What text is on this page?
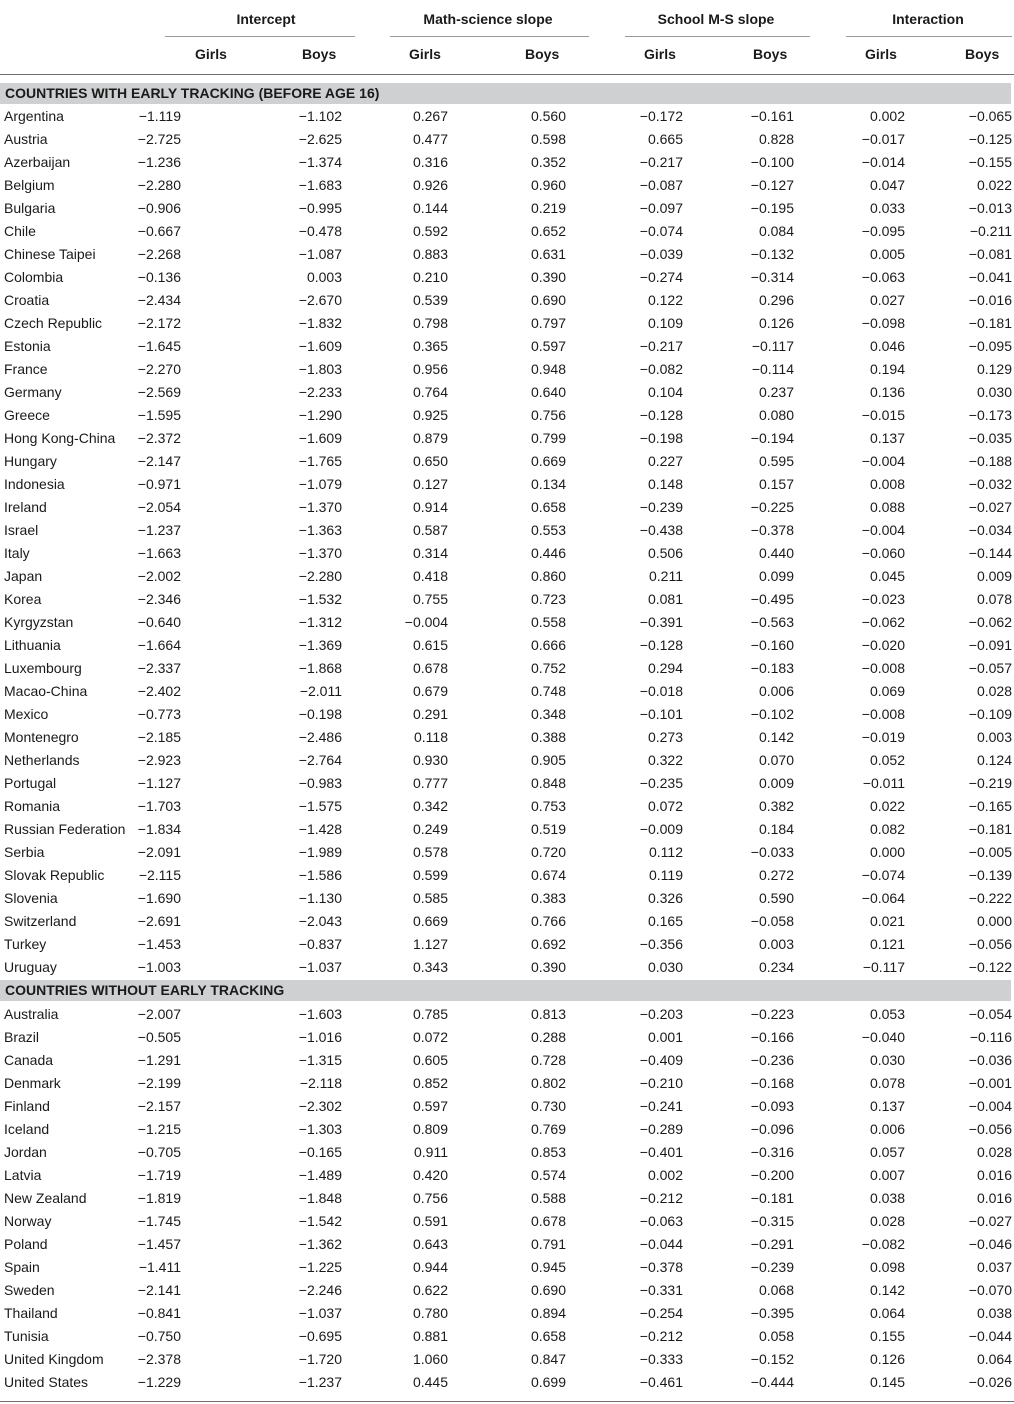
Intercept	Math-science slope	School M-S slope	Interaction
Girls	Boys	Girls	Boys	Girls	Boys	Girls	Boys
COUNTRIES WITH EARLY TRACKING (BEFORE AGE 16)
Argentina	−1.119	−1.102	0.267	0.560	−0.172	−0.161	0.002	−0.065
Austria	−2.725	−2.625	0.477	0.598	0.665	0.828	−0.017	−0.125
Azerbaijan	−1.236	−1.374	0.316	0.352	−0.217	−0.100	−0.014	−0.155
Belgium	−2.280	−1.683	0.926	0.960	−0.087	−0.127	0.047	0.022
Bulgaria	−0.906	−0.995	0.144	0.219	−0.097	−0.195	0.033	−0.013
Chile	−0.667	−0.478	0.592	0.652	−0.074	0.084	−0.095	−0.211
Chinese Taipei	−2.268	−1.087	0.883	0.631	−0.039	−0.132	0.005	−0.081
Colombia	−0.136	0.003	0.210	0.390	−0.274	−0.314	−0.063	−0.041
Croatia	−2.434	−2.670	0.539	0.690	0.122	0.296	0.027	−0.016
Czech Republic	−2.172	−1.832	0.798	0.797	0.109	0.126	−0.098	−0.181
Estonia	−1.645	−1.609	0.365	0.597	−0.217	−0.117	0.046	−0.095
France	−2.270	−1.803	0.956	0.948	−0.082	−0.114	0.194	0.129
Germany	−2.569	−2.233	0.764	0.640	0.104	0.237	0.136	0.030
Greece	−1.595	−1.290	0.925	0.756	−0.128	0.080	−0.015	−0.173
Hong Kong-China −2.372	−1.609	0.879	0.799	−0.198	−0.194	0.137	−0.035
Hungary	−2.147	−1.765	0.650	0.669	0.227	0.595	−0.004	−0.188
Indonesia	−0.971	−1.079	0.127	0.134	0.148	0.157	0.008	−0.032
Ireland	−2.054	−1.370	0.914	0.658	−0.239	−0.225	0.088	−0.027
Israel	−1.237	−1.363	0.587	0.553	−0.438	−0.378	−0.004	−0.034
Italy	−1.663	−1.370	0.314	0.446	0.506	0.440	−0.060	−0.144
Japan	−2.002	−2.280	0.418	0.860	0.211	0.099	0.045	0.009
Korea	−2.346	−1.532	0.755	0.723	0.081	−0.495	−0.023	0.078
Kyrgyzstan	−0.640	−1.312	−0.004	0.558	−0.391	−0.563	−0.062	−0.062
Lithuania	−1.664	−1.369	0.615	0.666	−0.128	−0.160	−0.020	−0.091
Luxembourg	−2.337	−1.868	0.678	0.752	0.294	−0.183	−0.008	−0.057
Macao-China	−2.402	−2.011	0.679	0.748	−0.018	0.006	0.069	0.028
Mexico	−0.773	−0.198	0.291	0.348	−0.101	−0.102	−0.008	−0.109
Montenegro	−2.185	−2.486	0.118	0.388	0.273	0.142	−0.019	0.003
Netherlands	−2.923	−2.764	0.930	0.905	0.322	0.070	0.052	0.124
Portugal	−1.127	−0.983	0.777	0.848	−0.235	0.009	−0.011	−0.219
Romania	−1.703	−1.575	0.342	0.753	0.072	0.382	0.022	−0.165
Russian Federation −1.834	−1.428	0.249	0.519	−0.009	0.184	0.082	−0.181
Serbia	−2.091	−1.989	0.578	0.720	0.112	−0.033	0.000	−0.005
Slovak Republic −2.115	−1.586	0.599	0.674	0.119	0.272	−0.074	−0.139
Slovenia	−1.690	−1.130	0.585	0.383	0.326	0.590	−0.064	−0.222
Switzerland	−2.691	−2.043	0.669	0.766	0.165	−0.058	0.021	0.000
Turkey	−1.453	−0.837	1.127	0.692	−0.356	0.003	0.121	−0.056
Uruguay	−1.003	−1.037	0.343	0.390	0.030	0.234	−0.117	−0.122
COUNTRIES WITHOUT EARLY TRACKING
Australia	−2.007	−1.603	0.785	0.813	−0.203	−0.223	0.053	−0.054
Brazil	−0.505	−1.016	0.072	0.288	0.001	−0.166	−0.040	−0.116
Canada	−1.291	−1.315	0.605	0.728	−0.409	−0.236	0.030	−0.036
Denmark	−2.199	−2.118	0.852	0.802	−0.210	−0.168	0.078	−0.001
Finland	−2.157	−2.302	0.597	0.730	−0.241	−0.093	0.137	−0.004
Iceland	−1.215	−1.303	0.809	0.769	−0.289	−0.096	0.006	−0.056
Jordan	−0.705	−0.165	0.911	0.853	−0.401	−0.316	0.057	0.028
Latvia	−1.719	−1.489	0.420	0.574	0.002	−0.200	0.007	0.016
New Zealand	−1.819	−1.848	0.756	0.588	−0.212	−0.181	0.038	0.016
Norway	−1.745	−1.542	0.591	0.678	−0.063	−0.315	0.028	−0.027
Poland	−1.457	−1.362	0.643	0.791	−0.044	−0.291	−0.082	−0.046
Spain	−1.411	−1.225	0.944	0.945	−0.378	−0.239	0.098	0.037
Sweden	−2.141	−2.246	0.622	0.690	−0.331	0.068	0.142	−0.070
Thailand	−0.841	−1.037	0.780	0.894	−0.254	−0.395	0.064	0.038
Tunisia	−0.750	−0.695	0.881	0.658	−0.212	0.058	0.155	−0.044
United Kingdom −2.378	−1.720	1.060	0.847	−0.333	−0.152	0.126	0.064
United States	−1.229	−1.237	0.445	0.699	−0.461	−0.444	0.145	−0.026
